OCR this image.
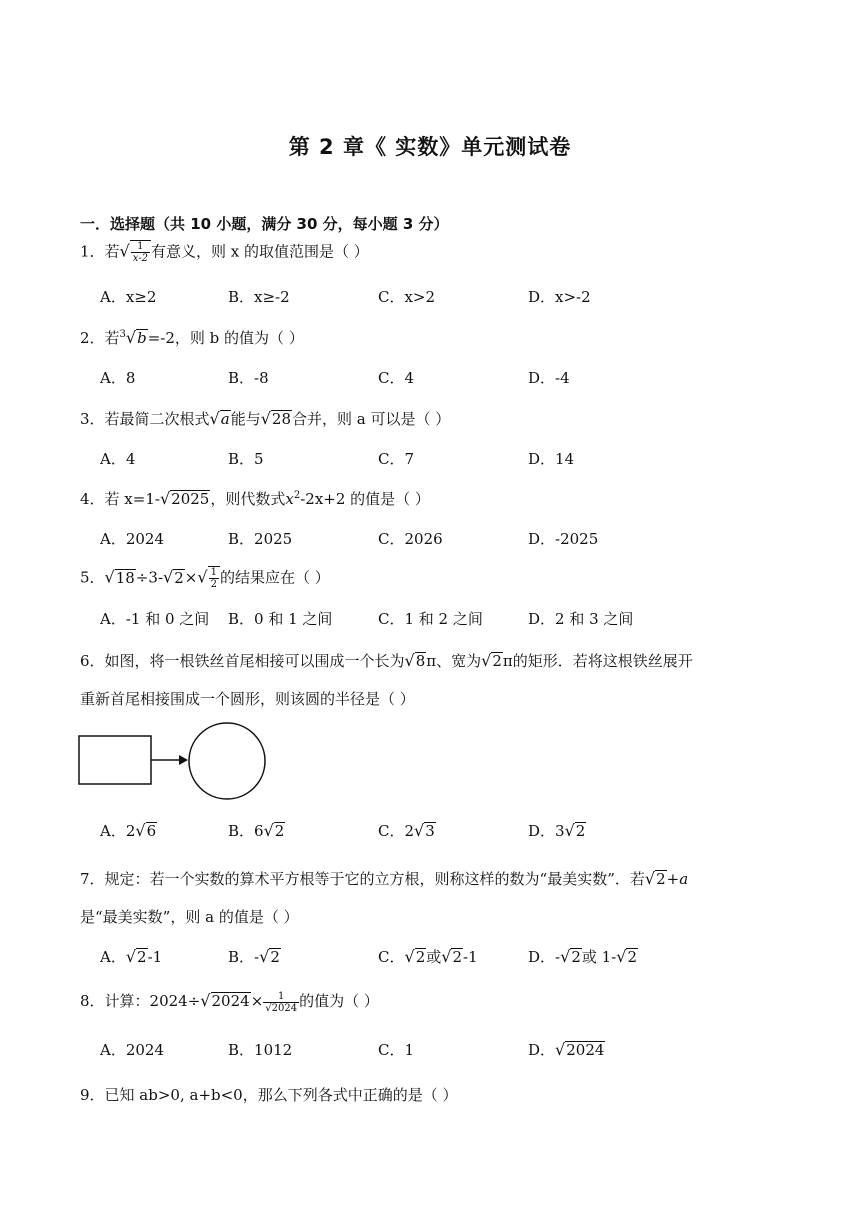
第 2 章《 实数》单元测试卷
一．选择题（共 10 小题，满分 30 分，每小题 3 分）
1．若√ $\frac{1}{x-2}$ 有意义，则 x 的取值范围是（ ）
A．x≥2	B．x≥-2	C．x>2	D．x>-2
2．若$^3$√b=-2，则 b 的值为（ ）
A．8	B．-8	C．4	D．-4
3．若最简二次根式√a能与√28合并，则 a 可以是（ ）
A．4	B．5	C．7	D．14
4．若 x=1-√2025，则代数式$x^2-2x+2$ 的值是（ ）
A．2024	B．2025	C．2026	D．-2025
5．$√18\div 3-√2\times√ \frac{1}{2}$ 的结果应在（ ）
A．-1 和 0 之间 B．0 和 1 之间	C．1 和 2 之间	D．2 和 3 之间
6．如图，将一根铁丝首尾相接可以围成一个长为√8π、宽为√2π的矩形．若将这根铁丝展开
重新首尾相接围成一个圆形，则该圆的半径是（ ）
A．2√6	B．6√2	C．2√3	D．3√2
7．规定：若一个实数的算术平方根等于它的立方根，则称这样的数为“最美实数”．若√2+a
是“最美实数”，则 a 的值是（ ）
A．√2-1	B．-√2	C．√2或√2-1	D．-√2或 1-√2
8．计算：$2024\div√2024\times \frac{1}{√2024}$ 的值为（ ）
A．2024	B．1012	C．1	D．√2024
9．已知 ab>0, a+b<0，那么下列各式中正确的是（ ）
